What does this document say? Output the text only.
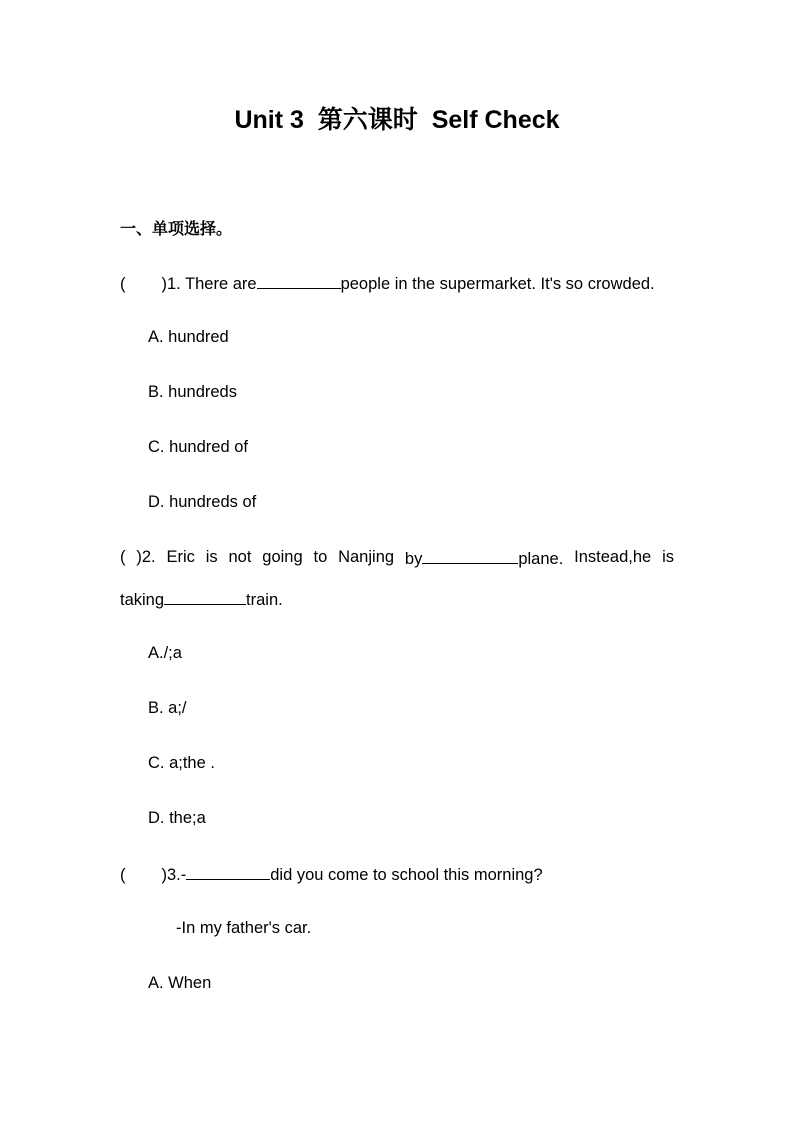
Unit 3  第六课时  Self Check
一、单项选择。
( )1. There are	people in the supermarket. It's so crowded.
A. hundred
B. hundreds
C. hundred of
D. hundreds of
( )2. Eric is not going to Nanjing by	plane. Instead,he is
taking	train.
A./;a
B. a;/
C. a;the .
D. the;a
( )3.-	did you come to school this morning?
-In my father's car.
A. When
